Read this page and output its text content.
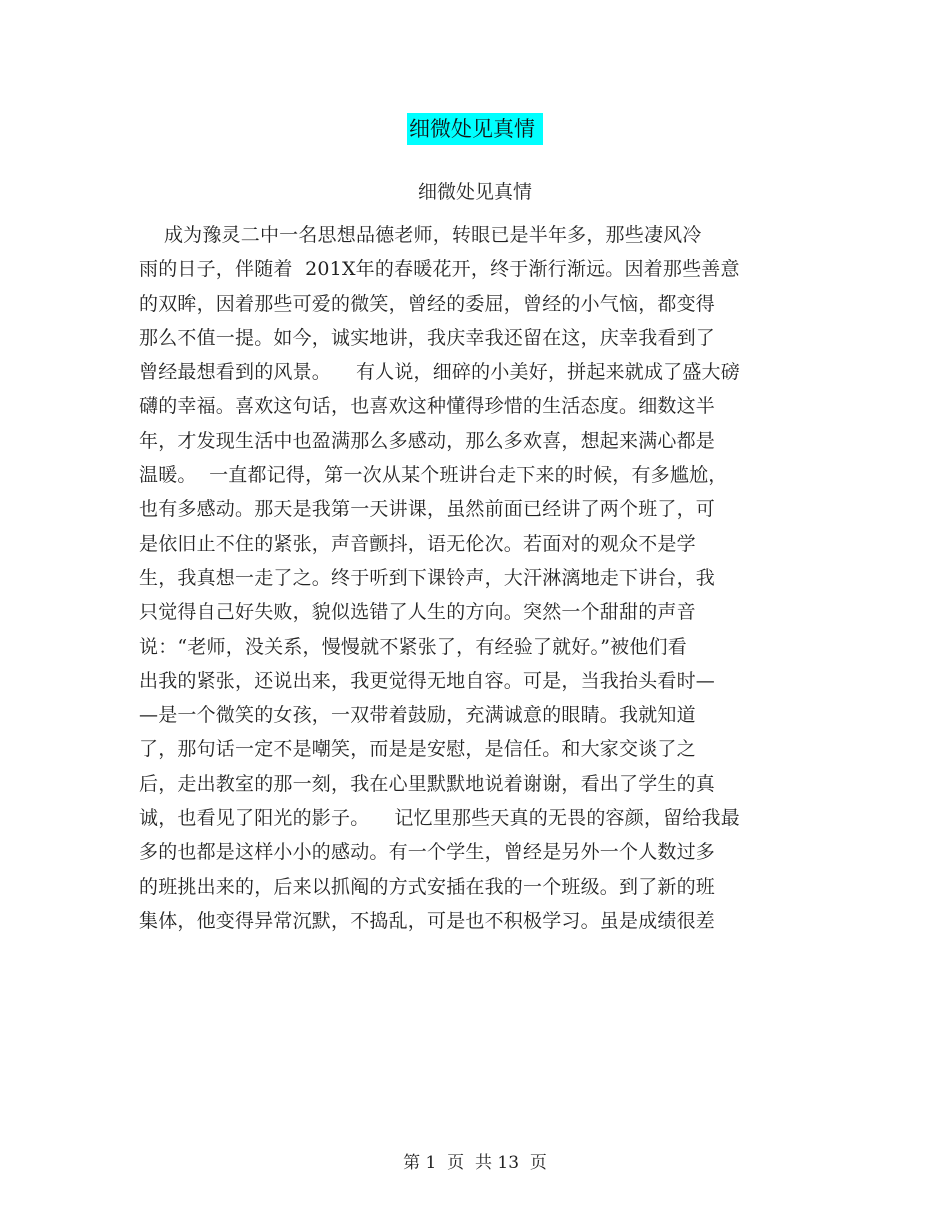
细微处见真情
细微处见真情
成为豫灵二中一名思想品德老师，转眼已是半年多，那些凄风冷
雨的日子，伴随着  201X年的春暖花开，终于渐行渐远。因着那些善意
的双眸，因着那些可爱的微笑，曾经的委屈，曾经的小气恼，都变得
那么不值一提。如今，诚实地讲，我庆幸我还留在这，庆幸我看到了
曾经最想看到的风景。    有人说，细碎的小美好，拼起来就成了盛大磅
礴的幸福。喜欢这句话，也喜欢这种懂得珍惜的生活态度。细数这半
年，才发现生活中也盈满那么多感动，那么多欢喜，想起来满心都是
温暖。  一直都记得，第一次从某个班讲台走下来的时候，有多尴尬，
也有多感动。那天是我第一天讲课，虽然前面已经讲了两个班了，可
是依旧止不住的紧张，声音颤抖，语无伦次。若面对的观众不是学
生，我真想一走了之。终于听到下课铃声，大汗淋漓地走下讲台，我
只觉得自己好失败，貌似选错了人生的方向。突然一个甜甜的声音
说：“老师，没关系，慢慢就不紧张了，有经验了就好。”被他们看
出我的紧张，还说出来，我更觉得无地自容。可是，当我抬头看时—
—是一个微笑的女孩，一双带着鼓励，充满诚意的眼睛。我就知道
了，那句话一定不是嘲笑，而是是安慰，是信任。和大家交谈了之
后，走出教室的那一刻，我在心里默默地说着谢谢，看出了学生的真
诚，也看见了阳光的影子。    记忆里那些天真的无畏的容颜，留给我最
多的也都是这样小小的感动。有一个学生，曾经是另外一个人数过多
的班挑出来的，后来以抓阄的方式安插在我的一个班级。到了新的班
集体，他变得异常沉默，不捣乱，可是也不积极学习。虽是成绩很差
第 1  页  共 13  页
